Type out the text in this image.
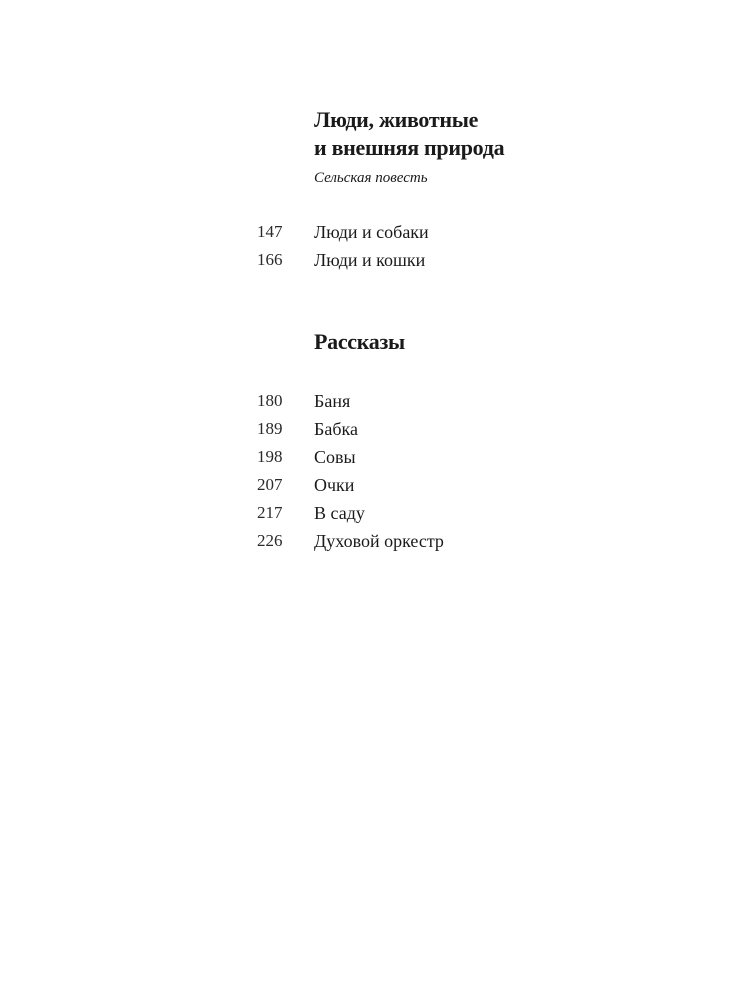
Люди, животные
и внешняя природа

Сельская повесть

147 Люди и собаки
166 Люди и кошки
Рассказы
180 Баня
189 Бабка
198 Совы
207 Очки
217 В саду
226 Духовой оркестр
